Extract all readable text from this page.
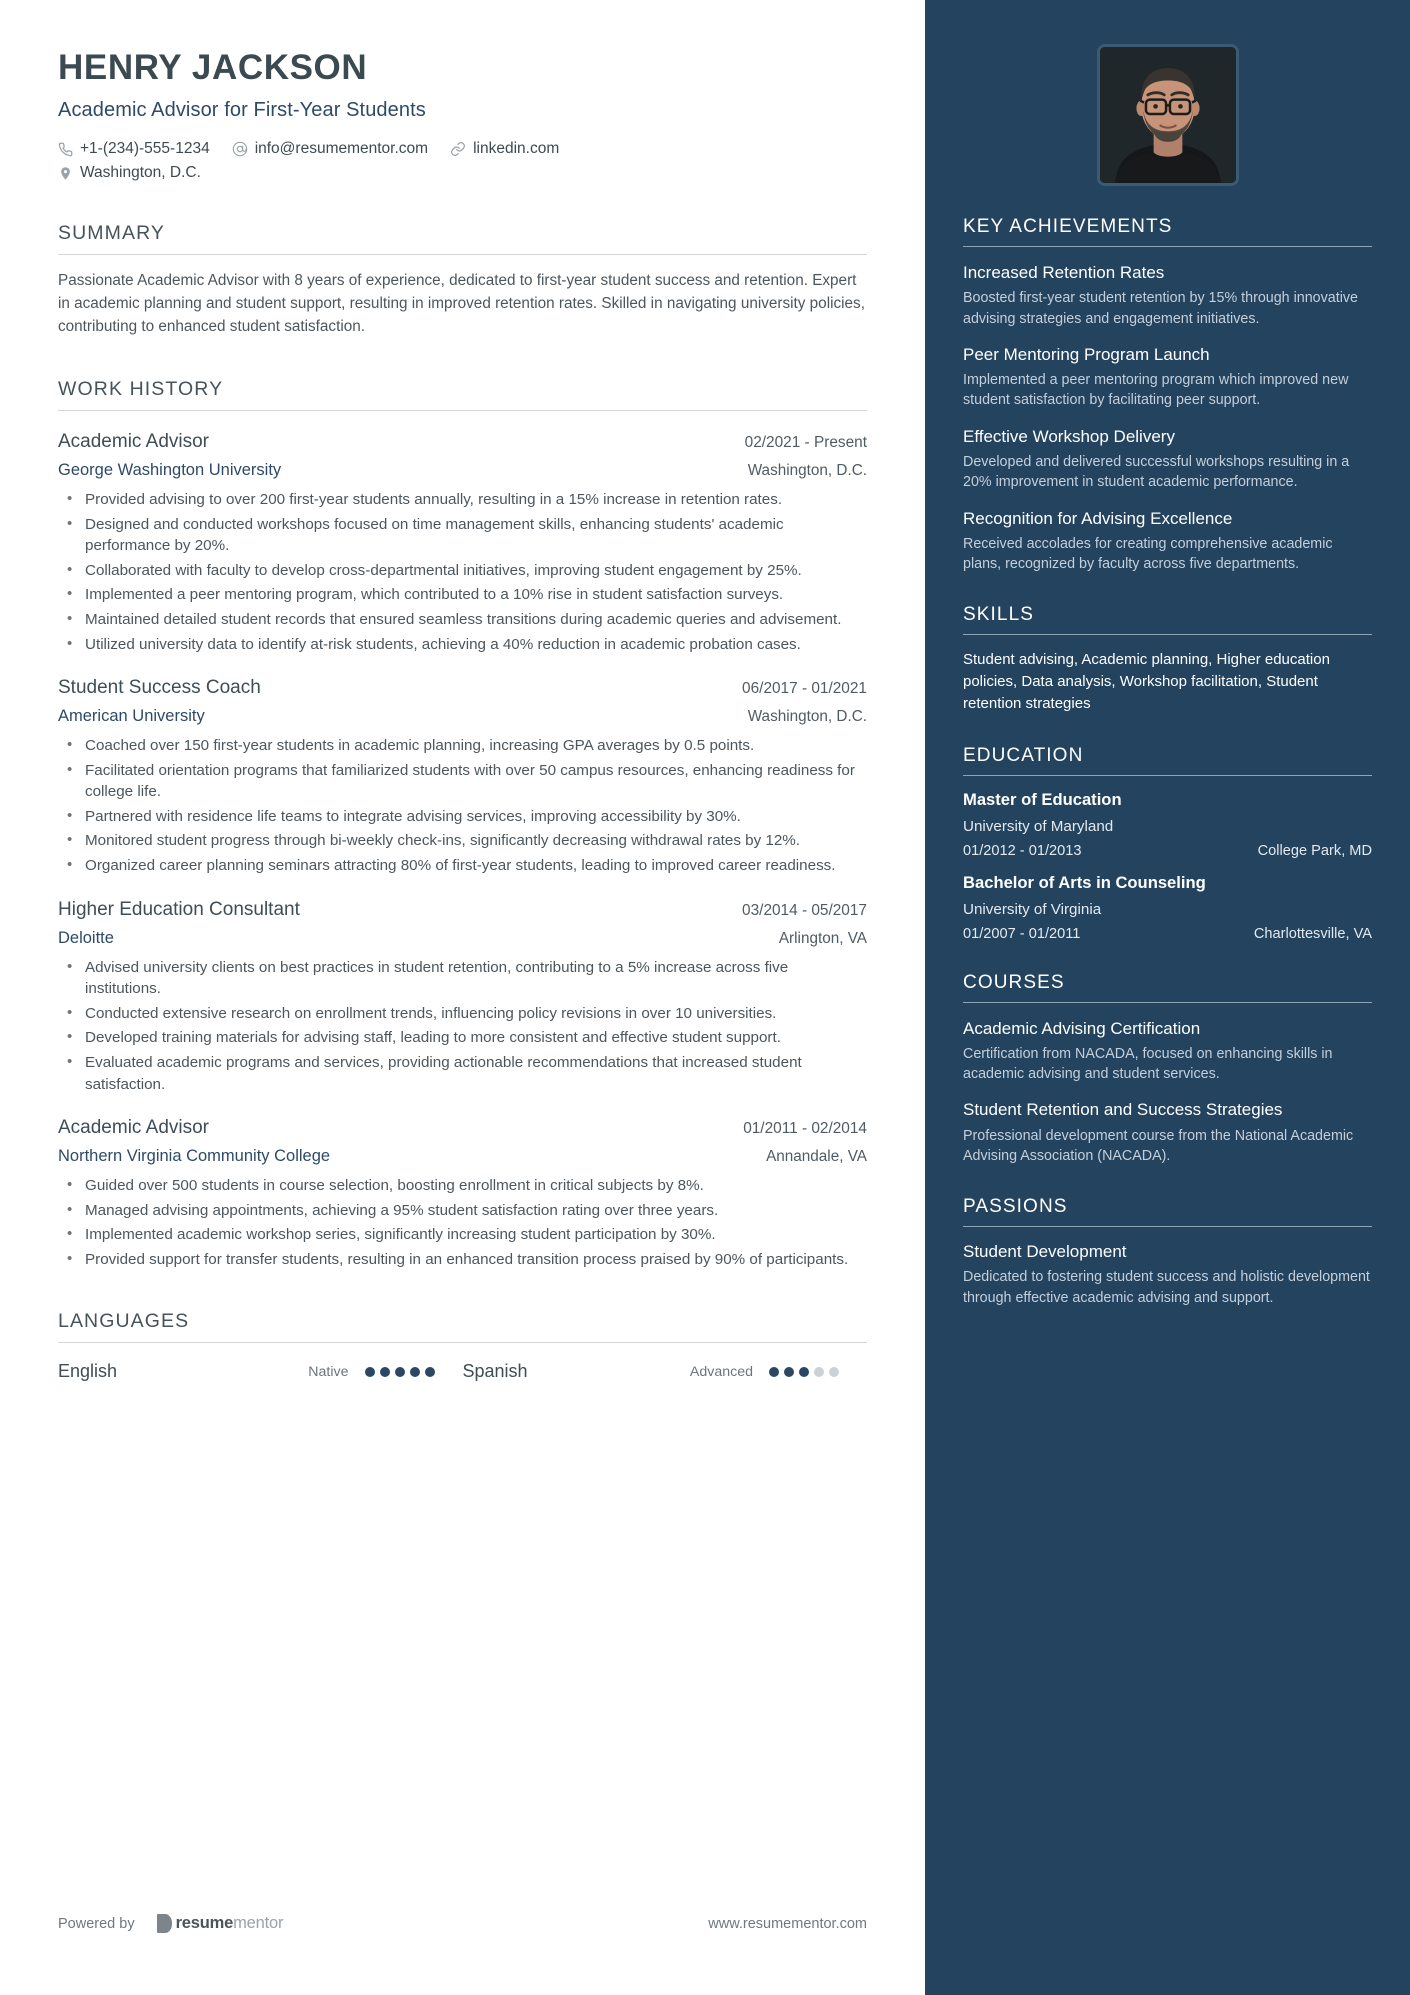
HENRY JACKSON
Academic Advisor for First-Year Students
+1-(234)-555-1234	info@resumementor.com	linkedin.com
Washington, D.C.
SUMMARY

Passionate Academic Advisor with 8 years of experience, dedicated to first-year student success and retention. Expert in academic planning and student support, resulting in improved retention rates. Skilled in navigating university policies, contributing to enhanced student satisfaction.

WORK HISTORY
Academic Advisor	02/2021 - Present
George Washington University	Washington, D.C.
• Provided advising to over 200 first-year students annually, resulting in a 15% increase in retention rates.
• Designed and conducted workshops focused on time management skills, enhancing students' academic performance by 20%.
• Collaborated with faculty to develop cross-departmental initiatives, improving student engagement by 25%.
• Implemented a peer mentoring program, which contributed to a 10% rise in student satisfaction surveys.
• Maintained detailed student records that ensured seamless transitions during academic queries and advisement.
• Utilized university data to identify at-risk students, achieving a 40% reduction in academic probation cases.
Student Success Coach	06/2017 - 01/2021
American University	Washington, D.C.
• Coached over 150 first-year students in academic planning, increasing GPA averages by 0.5 points.
• Facilitated orientation programs that familiarized students with over 50 campus resources, enhancing readiness for college life.
• Partnered with residence life teams to integrate advising services, improving accessibility by 30%.
• Monitored student progress through bi-weekly check-ins, significantly decreasing withdrawal rates by 12%.
• Organized career planning seminars attracting 80% of first-year students, leading to improved career readiness.
Higher Education Consultant	03/2014 - 05/2017
Deloitte	Arlington, VA
• Advised university clients on best practices in student retention, contributing to a 5% increase across five institutions.
• Conducted extensive research on enrollment trends, influencing policy revisions in over 10 universities.
• Developed training materials for advising staff, leading to more consistent and effective student support.
• Evaluated academic programs and services, providing actionable recommendations that increased student satisfaction.
Academic Advisor	01/2011 - 02/2014
Northern Virginia Community College	Annandale, VA
• Guided over 500 students in course selection, boosting enrollment in critical subjects by 8%.
• Managed advising appointments, achieving a 95% student satisfaction rating over three years.
• Implemented academic workshop series, significantly increasing student participation by 30%.
• Provided support for transfer students, resulting in an enhanced transition process praised by 90% of participants.
LANGUAGES
English	Native	Spanish	Advanced
Powered by resume mentor	www.resumementor.com
KEY ACHIEVEMENTS
Increased Retention Rates
Boosted first-year student retention by 15% through innovative advising strategies and engagement initiatives.
Peer Mentoring Program Launch
Implemented a peer mentoring program which improved new student satisfaction by facilitating peer support.
Effective Workshop Delivery
Developed and delivered successful workshops resulting in a 20% improvement in student academic performance.
Recognition for Advising Excellence
Received accolades for creating comprehensive academic plans, recognized by faculty across five departments.
SKILLS
Student advising, Academic planning, Higher education policies, Data analysis, Workshop facilitation, Student retention strategies
EDUCATION
Master of Education
University of Maryland
01/2012 - 01/2013	College Park, MD
Bachelor of Arts in Counseling
University of Virginia
01/2007 - 01/2011	Charlottesville, VA
COURSES
Academic Advising Certification
Certification from NACADA, focused on enhancing skills in academic advising and student services.
Student Retention and Success Strategies
Professional development course from the National Academic Advising Association (NACADA).
PASSIONS
Student Development
Dedicated to fostering student success and holistic development through effective academic advising and support.
